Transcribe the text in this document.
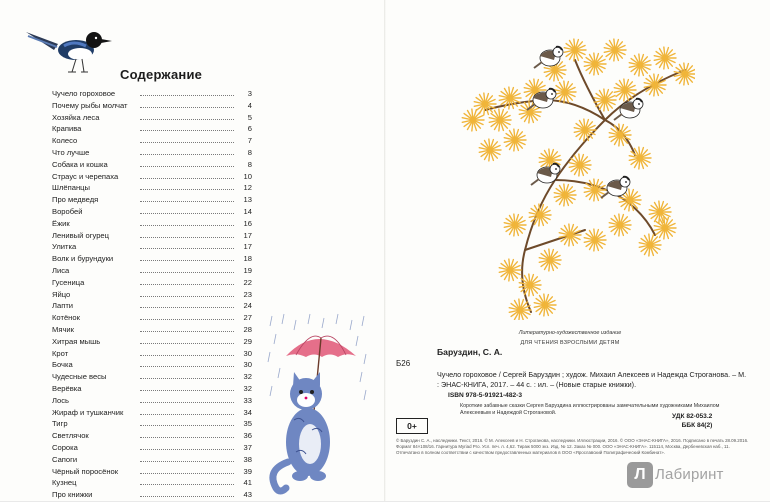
Содержание
Чучело гороховое	3
Почему рыбы молчат	4
Хозяйка леса	5
Крапива	6
Колесо	7
Что лучше	8
Собака и кошка	8
Страус и черепаха	10
Шлёпанцы	12
Про медведя	13
Воробей	14
Ёжик	16
Ленивый огурец	17
Улитка	17
Волк и бурундуки	18
Лиса	19
Гусеница	22
Яйцо	23
Лапти	24
Котёнок	27
Мячик	28
Хитрая мышь	29
Крот	30
Бочка	30
Чудесные весы	32
Верёвка	32
Лось	33
Жираф и тушканчик	34
Тигр	35
Светлячок	36
Сорока	37
Сапоги	38
Чёрный поросёнок	39
Кузнец	41
Про книжки	43
Литературно-художественное издание
ДЛЯ ЧТЕНИЯ ВЗРОСЛЫМИ ДЕТЯМ
Б26
Баруздин, С. А.

Чучело гороховое / Сергей Баруздин ; худож. Михаил Алексеев и Надежда Строганова. – М. : ЭНАС-КНИГА, 2017. – 44 с. : ил. – (Новые старые книжки).
ISBN 978-5-91921-482-3
Короткие забавные сказки Сергея Баруздина иллюстрированы замечательными художниками Михаилом Алексеевым и Надеждой Строгановой.	УДК 82-053.2
ББК 84(2)
0+
© Баруздин С. А., наследники. Текст, 2016. © М. Алексеев и Н. Строганова, наследники. Иллюстрации, 2016. © ООО «ЭНАС-КНИГА», 2016. Подписано в печать 28.09.2016. Формат 84×108/16. Гарнитура Myriad Pro. Усл. печ. л. 4,62. Тираж 5000 экз. Изд. № 12. Заказ № 000. ООО «ЭНАС-КНИГА». 115114, Москва, Дербеневская наб., 11. Отпечатано в полном соответствии с качеством предоставленных материалов в ООО «Ярославский Полиграфический Комбинат».
Л Лабиринт
